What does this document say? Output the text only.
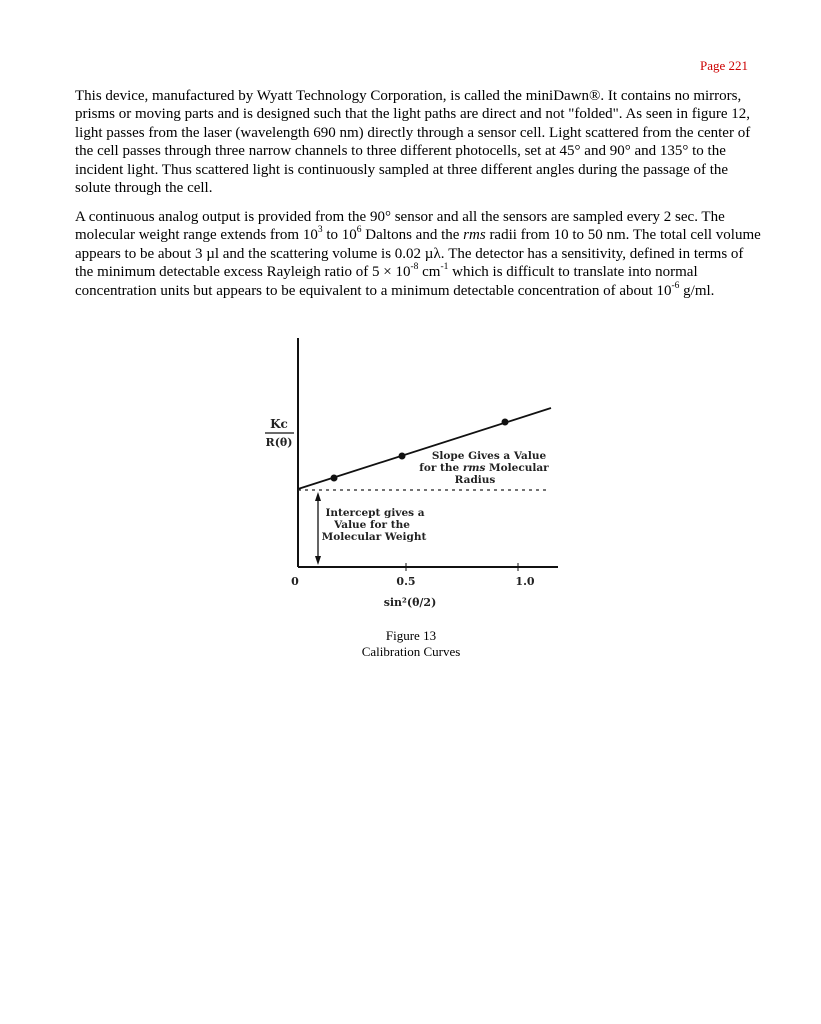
Page 221

This device, manufactured by Wyatt Technology Corporation, is called the miniDawn®. It contains no mirrors, prisms or moving parts and is designed such that the light paths are direct and not "folded". As seen in figure 12, light passes from the laser (wavelength 690 nm) directly through a sensor cell. Light scattered from the center of the cell passes through three narrow channels to three different photocells, set at 45° and 90° and 135° to the incident light. Thus scattered light is continuously sampled at three different angles during the passage of the solute through the cell.

A continuous analog output is provided from the 90° sensor and all the sensors are sampled every 2 sec. The molecular weight range extends from $10^3$ to $10^6$ Daltons and the rms radii from 10 to 50 nm. The total cell volume appears to be about 3 µl and the scattering volume is 0.02 µλ. The detector has a sensitivity, defined in terms of the minimum detectable excess Rayleigh ratio of $5 \times 10^{-8}$ $cm^{-1}$ which is difficult to translate into normal concentration units but appears to be equivalent to a minimum detectable concentration of about $10^{-6}$ g/ml.

Kc
R(θ)
Slope Gives a Value
for the rms Molecular
Radius
Intercept gives a
Value for the
Molecular Weight
0	0.5	1.0
sin²(θ/2)
Figure 13
Calibration Curves
